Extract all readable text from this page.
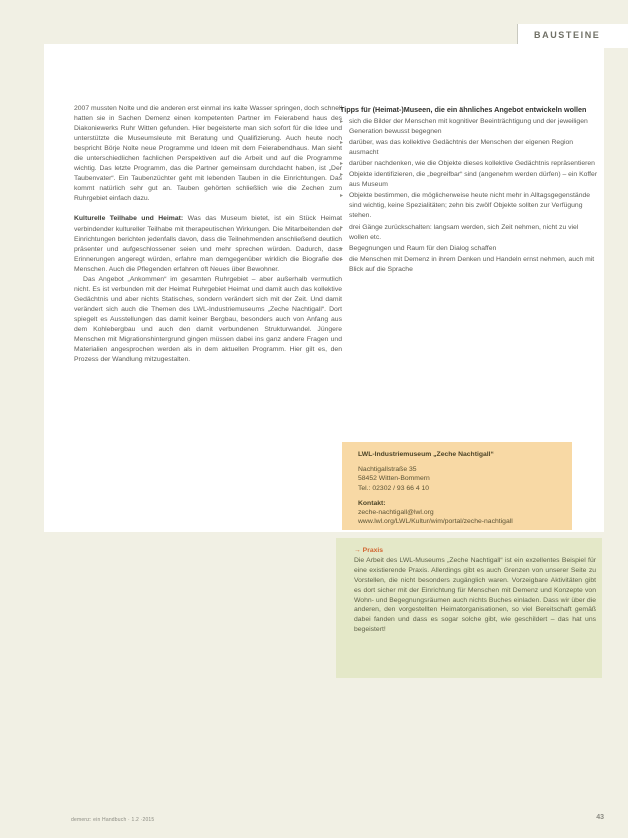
BAUSTEINE

2007 mussten Nolte und die anderen erst einmal ins kalte Wasser springen, doch schnell hatten sie in Sachen Demenz einen kompetenten Partner im Feierabend haus des Diakoniewerks Ruhr Witten gefunden. Hier begeisterte man sich sofort für die Idee und unterstützte die Museumsleute mit Beratung und Qualifizierung. Auch heute noch bespricht Börje Nolte neue Programme und Ideen mit dem Feierabendhaus. Man sieht die unterschiedlichen fachlichen Perspektiven auf die Arbeit und auf die Programme wichtig. Das letzte Programm, das die Partner gemeinsam durchdacht haben, ist „Der Taubenvater“. Ein Taubenzüchter geht mit lebenden Tauben in die Einrichtungen. Das kommt natürlich sehr gut an. Tauben gehörten schließlich wie die Zechen zum Ruhrgebiet einfach dazu.

Kulturelle Teilhabe und Heimat: Was das Museum bietet, ist ein Stück Heimat verbindender kultureller Teilhabe mit therapeutischen Wirkungen. Die Mitarbeitenden der Einrichtungen berichten jedenfalls davon, dass die Teilnehmenden anschließend deutlich präsenter und aufgeschlossener seien und mehr sprechen würden. Dadurch, dass Erinnerungen angeregt würden, erfahre man demgegenüber wirklich die Biografie der Menschen. Auch die Pflegenden erfahren oft Neues über Bewohner.

Das Angebot „Ankommen“ im gesamten Ruhrgebiet – aber außerhalb vermutlich nicht. Es ist verbunden mit der Heimat Ruhrgebiet Heimat und damit auch das kollektive Gedächtnis und aber nichts Statisches, sondern verändert sich mit der Zeit. Und damit verändert sich auch die Themen des LWL-Industriemuseums „Zeche Nachtigall“. Dort spiegelt es Ausstellungen das damit keiner Bergbau, besonders auch von Anfang aus dem Kohlebergbau und auch den damit verbundenen Strukturwandel. Jüngere Menschen mit Migrationshintergrund gingen müssen dabei ins ganz andere Fragen und Materialien angesprochen werden als in dem aktuellen Programm. Hier gilt es, den Prozess der Wandlung mitzugestalten.

Tipps für (Heimat-)Museen, die ein ähnliches Angebot entwickeln wollen
▸ sich die Bilder der Menschen mit kognitiver Beeinträchtigung und der jeweiligen Generation bewusst begegnen
▸ darüber, was das kollektive Gedächtnis der Menschen der eigenen Region ausmacht
▸ darüber nachdenken, wie die Objekte dieses kollektive Gedächtnis repräsentieren
▸ Objekte identifizieren, die „begreifbar“ sind (angenehm werden dürfen) – ein Koffer aus Museum
▸ Objekte bestimmen, die möglicherweise heute nicht mehr in Alltagsgegenstände sind wichtig, keine Spezialitäten; zehn bis zwölf Objekte sollten zur Verfügung stehen.
▸ drei Gänge zurückschalten: langsam werden, sich Zeit nehmen, nicht zu viel wollen etc.
▸ Begegnungen und Raum für den Dialog schaffen
▸ die Menschen mit Demenz in ihrem Denken und Handeln ernst nehmen, auch mit Blick auf die Sprache
LWL-Industriemuseum „Zeche Nachtigall“
Nachtigallstraße 35
58452 Witten-Bommern
Tel.: 02302 / 93 66 4 10
Kontakt:
zeche-nachtigall@lwl.org
www.lwl.org/LWL/Kultur/wim/portal/zeche-nachtigall
→ Praxis
Die Arbeit des LWL-Museums „Zeche Nachtigall“ ist ein exzellentes Beispiel für eine existierende Praxis. Allerdings gibt es auch Grenzen von unserer Seite zu Vorstellen, die nicht besonders zugänglich waren. Vorzeigbare Aktivitäten gibt es dort sicher mit der Einrichtung für Menschen mit Demenz und Konzepte von Wohn- und Begegnungsräumen auch nichts Buches einladen. Dass wir über die anderen, den vorgestellten Heimatorganisationen, so viel Bereitschaft gemäß dabei fanden und dass es sogar solche gibt, wie geschildert – das hat uns begeistert!
demenz: ein Handbuch · 1.2 ·2015	43
